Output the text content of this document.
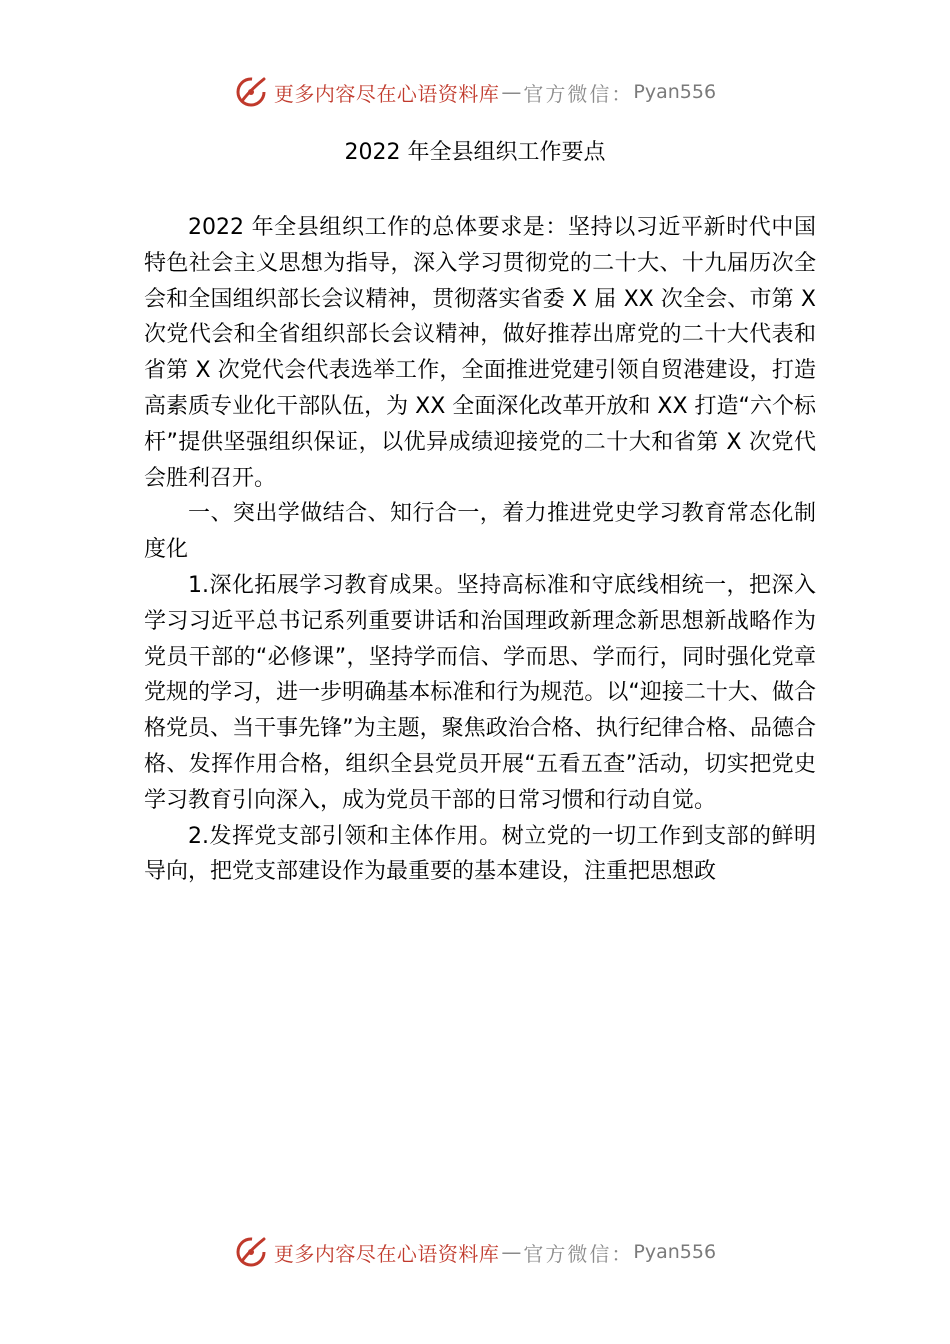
更多内容尽在心语资料库 — 官方微信： Pyan556
2022 年全县组织工作要点

2022 年全县组织工作的总体要求是：坚持以习近平新时代中国特色社会主义思想为指导，深入学习贯彻党的二十大、十九届历次全会和全国组织部长会议精神，贯彻落实省委 X 届 XX 次全会、市第 X 次党代会和全省组织部长会议精神，做好推荐出席党的二十大代表和省第 X 次党代会代表选举工作，全面推进党建引领自贸港建设，打造高素质专业化干部队伍，为 XX 全面深化改革开放和 XX 打造“六个标杆”提供坚强组织保证，以优异成绩迎接党的二十大和省第 X 次党代会胜利召开。

一、突出学做结合、知行合一，着力推进党史学习教育常态化制度化

1.深化拓展学习教育成果。坚持高标准和守底线相统一，把深入学习习近平总书记系列重要讲话和治国理政新理念新思想新战略作为党员干部的“必修课”，坚持学而信、学而思、学而行，同时强化党章党规的学习，进一步明确基本标准和行为规范。以“迎接二十大、做合格党员、当干事先锋”为主题，聚焦政治合格、执行纪律合格、品德合格、发挥作用合格，组织全县党员开展“五看五查”活动，切实把党史学习教育引向深入，成为党员干部的日常习惯和行动自觉。

2.发挥党支部引领和主体作用。树立党的一切工作到支部的鲜明导向，把党支部建设作为最重要的基本建设，注重把思想政

更多内容尽在心语资料库 — 官方微信： Pyan556
